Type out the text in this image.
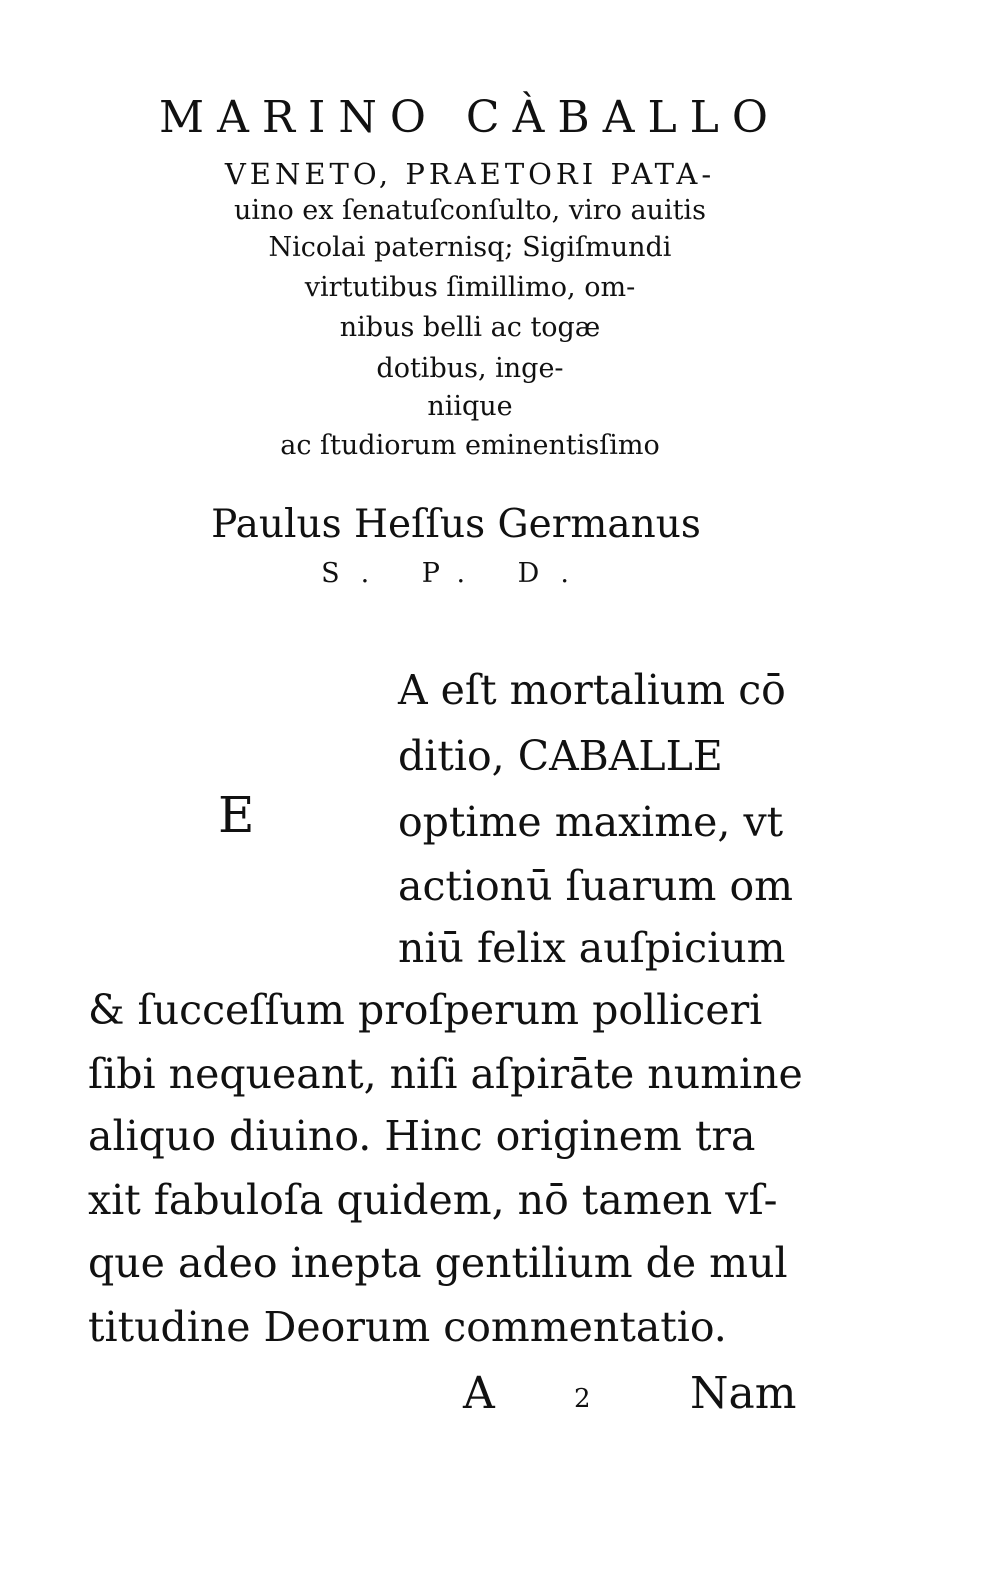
MARINO CÀBALLO
VENETO, PRAETORI PATA-
uino ex ſenatuſconſulto, viro auitis
Nicolai paternisq; Sigiſmundi
virtutibus ſimillimo, om-
nibus belli ac togæ
dotibus, inge-
niique
ac ſtudiorum eminentisſimo
Paulus Heſſus Germanus
S. P. D.
E
A eſt mortalium cō
ditio, CABALLE
optime maxime, vt
actionū ſuarum om
niū felix auſpicium
& ſucceſſum proſperum polliceri
ſibi nequeant, niſi aſpirāte numine
aliquo diuino. Hinc originem tra
xit fabuloſa quidem, nō tamen vſ-
que adeo inepta gentilium de mul
titudine Deorum commentatio.
A	2 Nam
